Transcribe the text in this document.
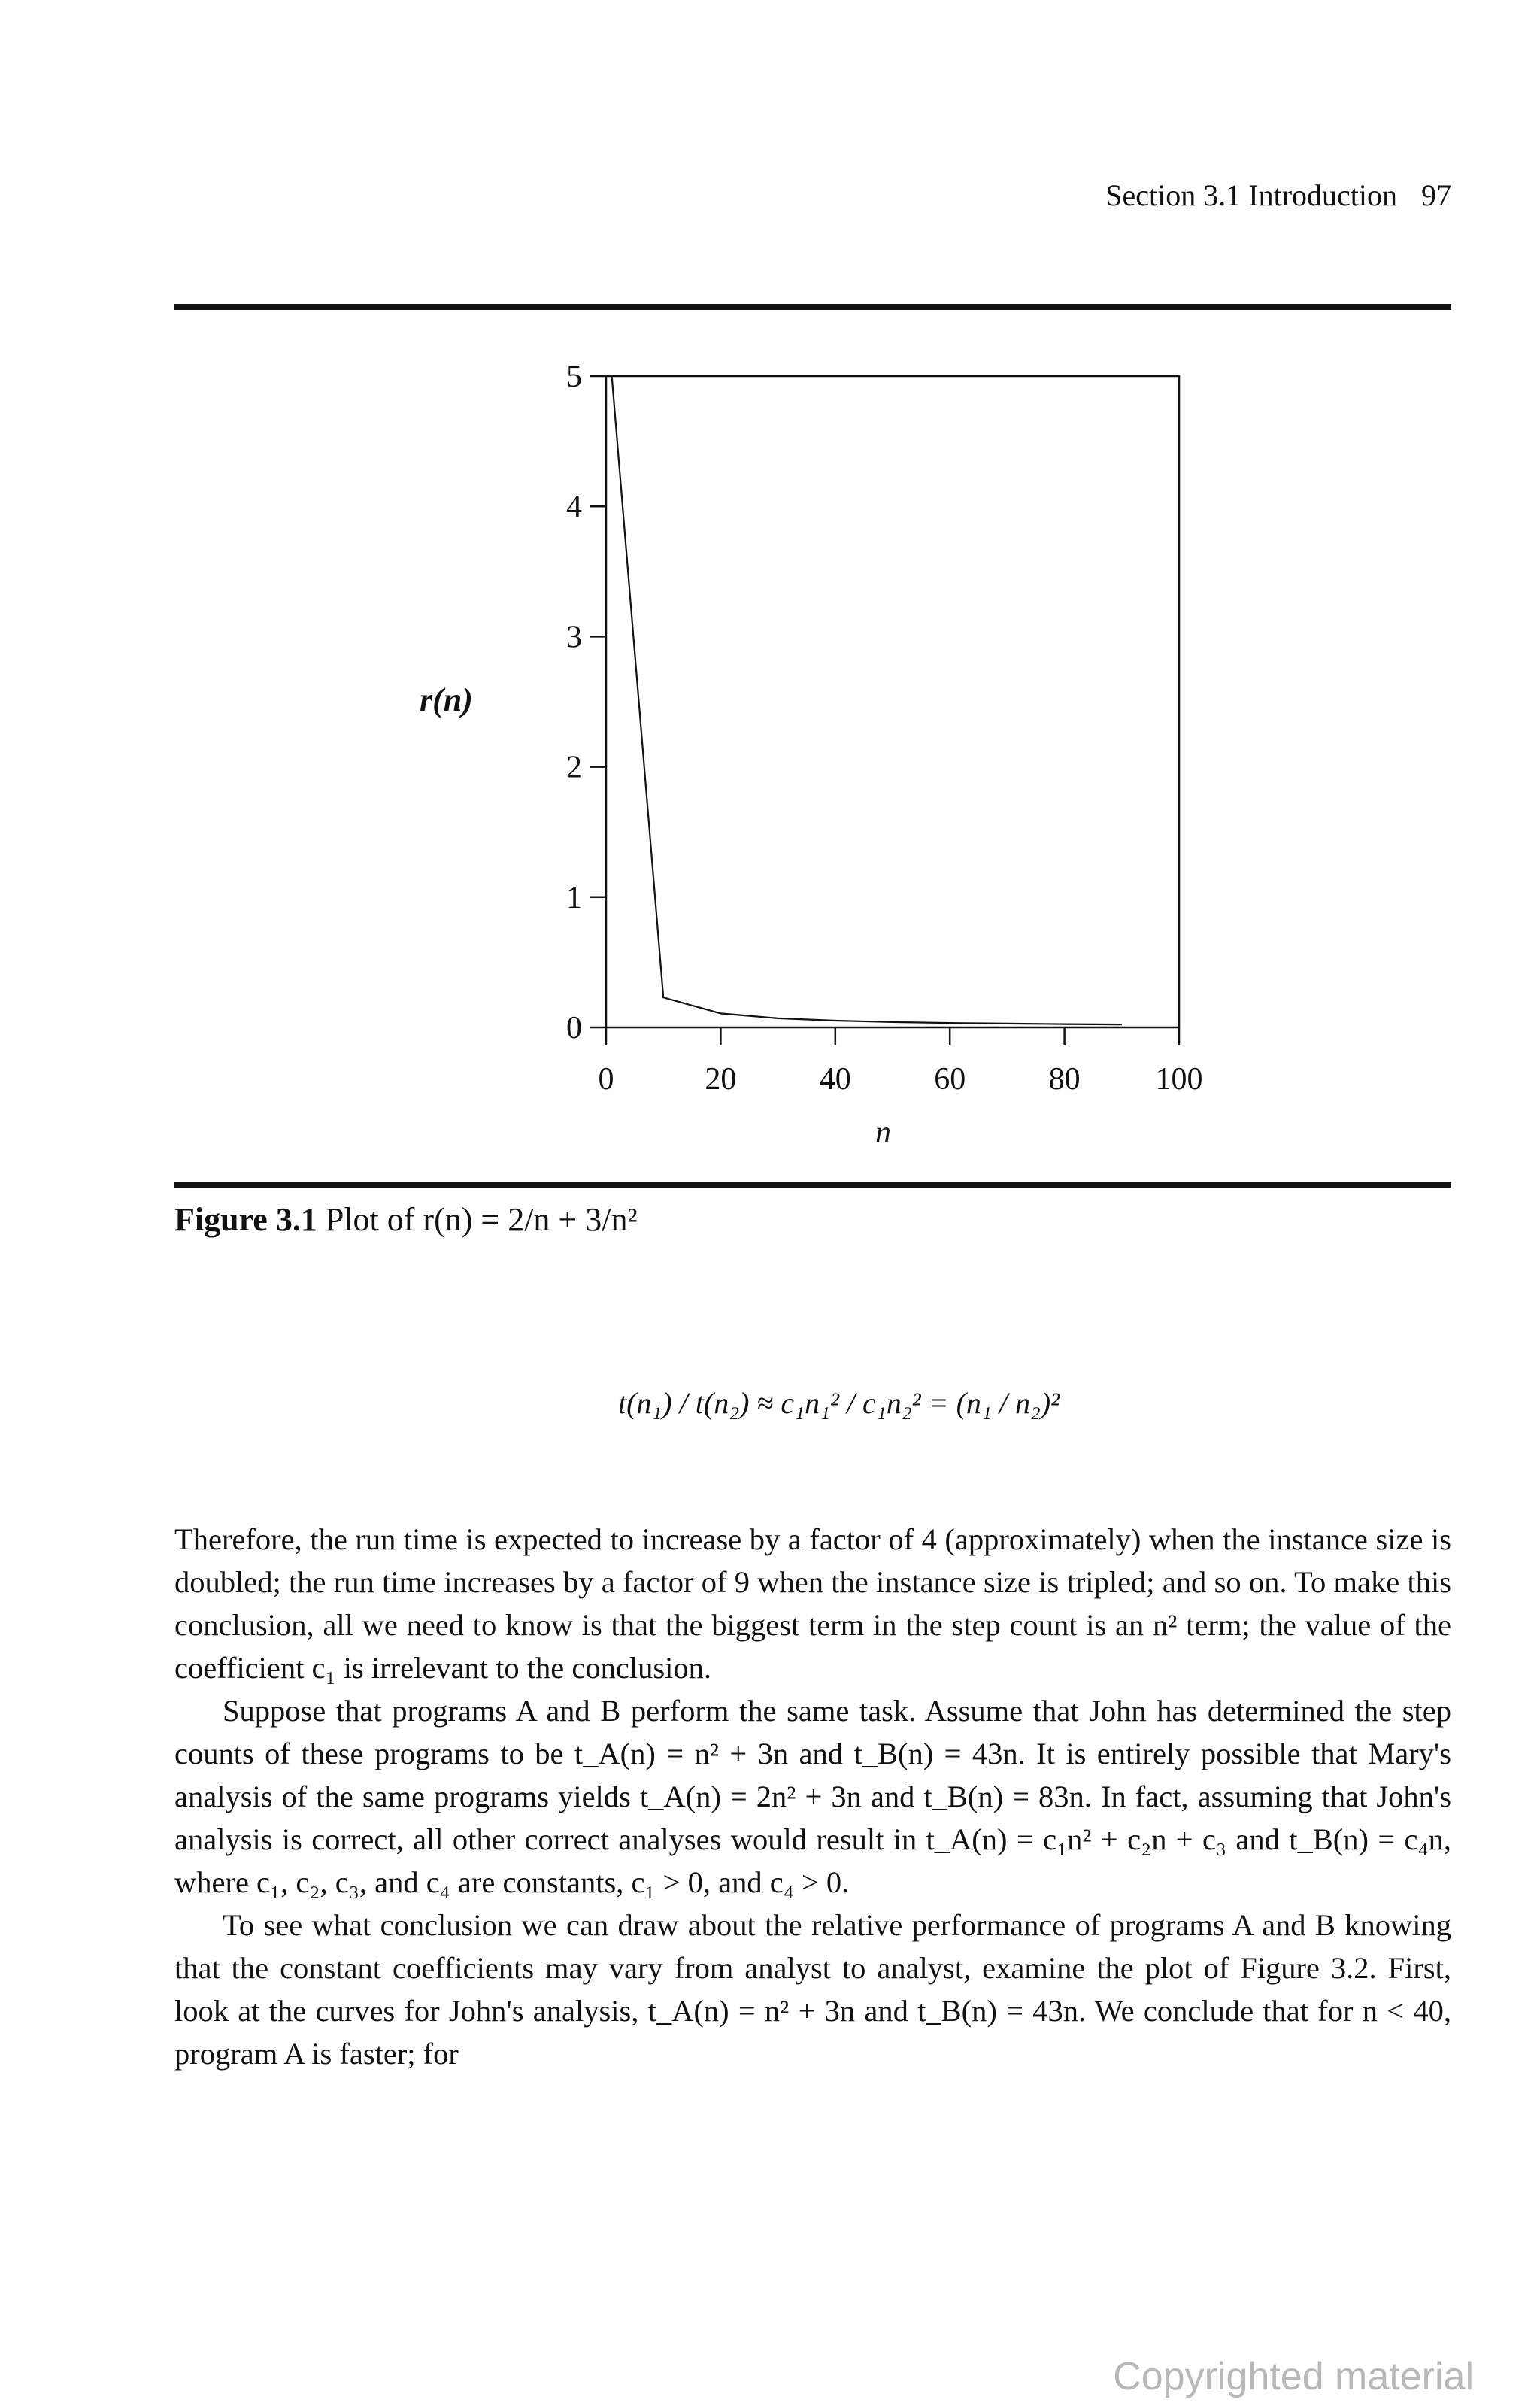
Section 3.1 Introduction 97
0	20	40	60	80 100
0
1
2
3
4
5
r(n)
n
Figure 3.1 Plot of r(n) = 2/n + 3/n²
t(n₁) / t(n₂) ≈ c₁n₁² / c₁n₂² = (n₁ / n₂)²

Therefore, the run time is expected to increase by a factor of 4 (approximately) when the instance size is doubled; the run time increases by a factor of 9 when the instance size is tripled; and so on. To make this conclusion, all we need to know is that the biggest term in the step count is an n² term; the value of the coefficient c₁ is irrelevant to the conclusion.

Suppose that programs A and B perform the same task. Assume that John has determined the step counts of these programs to be t_A(n) = n² + 3n and t_B(n) = 43n. It is entirely possible that Mary's analysis of the same programs yields t_A(n) = 2n² + 3n and t_B(n) = 83n. In fact, assuming that John's analysis is correct, all other correct analyses would result in t_A(n) = c₁n² + c₂n + c₃ and t_B(n) = c₄n, where c₁, c₂, c₃, and c₄ are constants, c₁ > 0, and c₄ > 0.

To see what conclusion we can draw about the relative performance of programs A and B knowing that the constant coefficients may vary from analyst to analyst, examine the plot of Figure 3.2. First, look at the curves for John's analysis, t_A(n) = n² + 3n and t_B(n) = 43n. We conclude that for n < 40, program A is faster; for

Copyrighted material
